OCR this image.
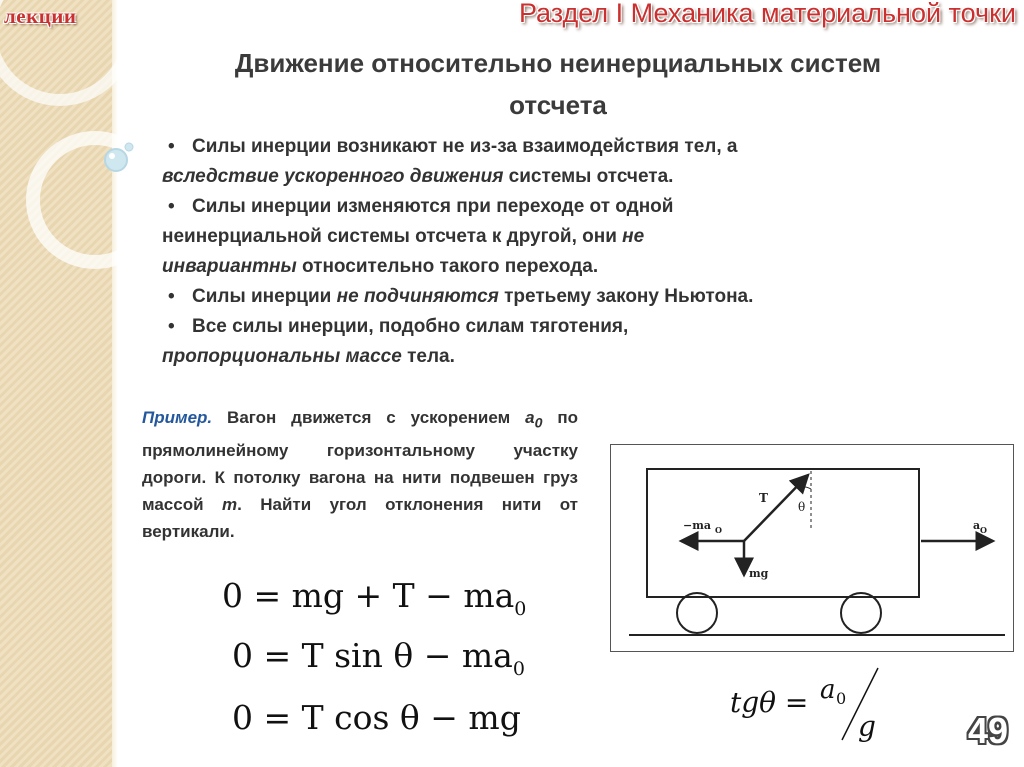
лекции	Раздел I Механика материальной точки
Движение относительно неинерциальных систем
отсчета
• Силы инерции возникают не из-за взаимодействия тел, а
вследствие ускоренного движения системы отсчета.
• Силы инерции изменяются при переходе от одной
неинерциальной системы отсчета к другой, они не
инвариантны относительно такого перехода.
• Силы инерции не подчиняются третьему закону Ньютона.
• Все силы инерции, подобно силам тяготения,
пропорциональны массе тела.
Пример. Вагон движется с ускорением $a_0$ по прямолинейному горизонтальному участку дороги. К потолку вагона на нити подвешен груз массой m. Найти угол отклонения нити от вертикали.
0 = mg + $T - ma_0$
0 = T $\sin \theta - ma_0$
0 = T cos θ − mg	tgθ = a 0
g
T
θ
−ma O	a O
mg
49
